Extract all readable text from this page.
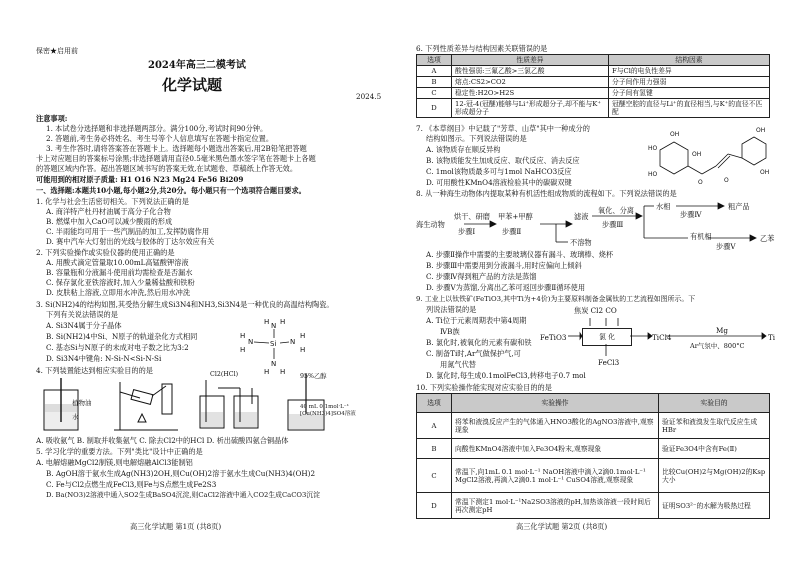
保密★启用前
2024年高三二模考试
化学试题
2024.5
注意事项:
1. 本试卷分选择题和非选择题两部分。满分100分,考试时间90分钟。
2. 答题前,考生务必将姓名、考生号等个人信息填写在答题卡指定位置。
3. 考生作答时,请将答案答在答题卡上。选择题每小题选出答案后,用2B铅笔把答题
卡上对应题目的答案标号涂黑;非选择题请用直径0.5毫米黑色墨水签字笔在答题卡上各题
的答题区域内作答。超出答题区域书写的答案无效,在试题卷、草稿纸上作答无效。
可能用到的相对原子质量: H1 O16 N23 Mg24 Fe56 Bi209
一、选择题:本题共10小题,每小题2分,共20分。每小题只有一个选项符合题目要求。
1. 化学与社会生活密切相关。下列说法正确的是
A. 商洋特产杜丹材油属于高分子化合物
B. 燃煤中加入CaO可以减少酸雨的形成
C. 半雨能均可用于一些汽制品的加工,发挥防腐作用
D. 赛中汽车大灯射出的光线与胶体的丁达尔效应有关
2. 下列实验操作或实验仪器的使用正确的是
A. 用酸式滴定管量取10.00mL高锰酸钾溶液
B. 容量瓶和分液漏斗使用前均需检查是否漏水
C. 保存氯化亚铁溶液时,加入少量稀盐酸和铁粉
D. 皮肤粘上溶液,立即用水冲洗,然后用水冲洗
3. Si(NH2)4的结构如图,其受热分解生成Si3N4和NH3,Si3N4是一种优良的高温结构陶瓷。
下列有关说法错误的是
A. Si3N4属于分子晶体
B. Si(NH2)4中Si、N原子的轨道杂化方式相同
C. 基态Si与N原子的未成对电子数之比为3:2
D. Si3N4中键角: N-Si-N<Si-N-Si
Si
N	N
N
N
H
H
H
H
H H
H H
4. 下列装置能达到相应实验目的的是
植物油
水
Cl2(HCl)	95%乙醇
40 mL 0.1mol·L⁻¹ [Cu(NH3)4]SO4溶液
A. 吸收氨气 B. 制取并收集氨气 C. 除去Cl2中的HCl D. 析出硫酸四氨合铜晶体
5. 学习化学的重要方法。下列"类比"设计中正确的是
A. 电解熔融MgCl2制镁,则电解熔融AlCl3能制铝
B. AgOH溶于氨水生成Ag(NH3)2OH,则Cu(OH)2溶于氨水生成Cu(NH3)4(OH)2
C. Fe与Cl2点燃生成FeCl3,则Fe与S点燃生成Fe2S3
D. Ba(NO3)2溶液中通入SO2生成BaSO4沉淀,则CaCl2溶液中通入CO2生成CaCO3沉淀
高三化学试题 第1页 (共8页)
6. 下列性质差异与结构因素关联错误的是
选项	性质差异	结构因素
A	酸性强弱:三氟乙酸>三氯乙酸	F与Cl的电负性差异
B	熔点:CS2>CO2	分子间作用力强弱
C	稳定性:H2O>H2S	分子间有氢键
D	12-冠-4(冠醚)能够与Li⁺形成超分子,却不能与K⁺形成超分子	冠醚空腔的直径与Li⁺的直径相当,与K⁺的直径不匹配
7. 《本草纲目》中记载了"芳草、山草"其中一种成分的
结构如图示。下列说法错误的是
A. 该物质存在顺反异构
B. 该物质能发生加成反应、取代反应、消去反应
C. 1mol该物质最多可与1mol NaHCO3反应
D. 可用酸性KMnO4溶液检验其中的碳碳双键
HO
OH
HO
OH
O	O
OH
OH
8. 从一种海生动物体内提取某种有机活性组成物质的流程如下。下列说法错误的是
海生动物
烘干、研磨
步骤Ⅰ
甲苯+甲醇
步骤Ⅱ
滤液
不溶物
氧化、分离
步骤Ⅲ
水相
步骤Ⅳ
粗产品
有机相
步骤Ⅴ
乙苯
A. 步骤Ⅱ操作中需要的主要玻璃仪器有漏斗、玻璃棒、烧杯
B. 步骤Ⅲ中需要用到分液漏斗,用时应偏向上倾斜
C. 步骤Ⅳ得到粗产品的方法是蒸馏
D. 步骤Ⅴ为蒸馏,分离出乙苯可返回步骤Ⅱ循环使用
9. 工业上以钛铁矿(FeTiO3,其中Ti为+4价)为主要原料制备金属钛的工艺流程如图所示。下
列说法错误的是
A. Ti位于元素周期表中第4周期
ⅣB族
B. 氯化时,被氧化的元素有碳和铁
C. 制备Ti时,Ar气做保护气,可
用氮气代替
D. 氯化时,每生成0.1molFeCl3,转移电子0.7 mol
焦炭 Cl2 CO
FeTiO3	氯 化	TiCl4
Mg
Ar气氛中、800°C
Ti
FeCl3
10. 下列实验操作能实现对应实验目的的是
选项	实验操作	实验目的
A	将苯和液溴反应产生的气体通入HNO3酸化的AgNO3溶液中,观察现象	验证苯和液溴发生取代反应生成HBr
B	向酸性KMnO4溶液中加入Fe3O4粉末,观察现象	验证Fe3O4中含有Fe(Ⅱ)
C	常温下,向1mL 0.1 mol·L⁻¹ NaOH溶液中滴入2滴0.1mol·L⁻¹ MgCl2溶液,再滴入2滴0.1 mol·L⁻¹ CuSO4溶液,观察现象	比较Cu(OH)2与Mg(OH)2的Ksp大小
D	常温下测定1 mol·L⁻¹Na2SO3溶液的pH,加热该溶液一段时间后再次测定pH	证明SO3²⁻的水解为吸热过程
高三化学试题 第2页 (共8页)
